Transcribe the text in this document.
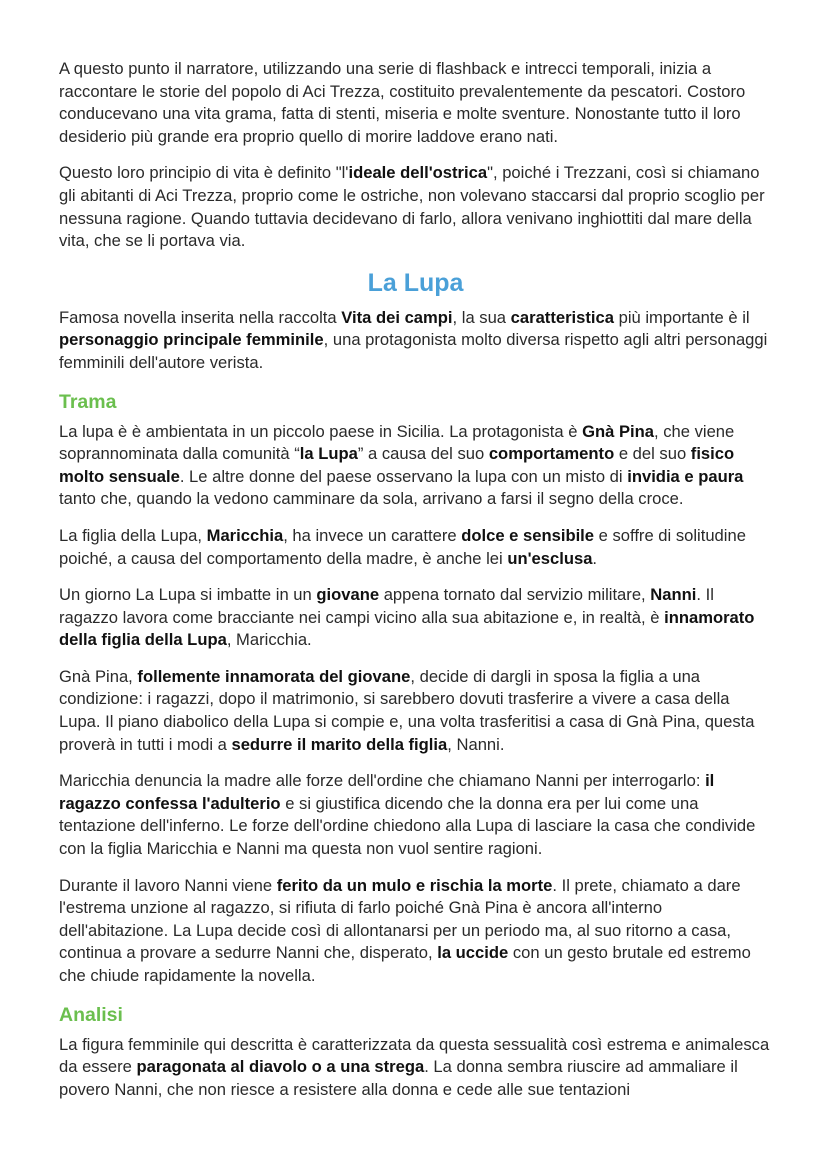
A questo punto il narratore, utilizzando una serie di flashback e intrecci temporali, inizia a raccontare le storie del popolo di Aci Trezza, costituito prevalentemente da pescatori. Costoro conducevano una vita grama, fatta di stenti, miseria e molte sventure. Nonostante tutto il loro desiderio più grande era proprio quello di morire laddove erano nati.

Questo loro principio di vita è definito "l'ideale dell'ostrica", poiché i Trezzani, così si chiamano gli abitanti di Aci Trezza, proprio come le ostriche, non volevano staccarsi dal proprio scoglio per nessuna ragione. Quando tuttavia decidevano di farlo, allora venivano inghiottiti dal mare della vita, che se li portava via.

La Lupa

Famosa novella inserita nella raccolta Vita dei campi, la sua caratteristica più importante è il personaggio principale femminile, una protagonista molto diversa rispetto agli altri personaggi femminili dell'autore verista.

Trama

La lupa è è ambientata in un piccolo paese in Sicilia. La protagonista è Gnà Pina, che viene soprannominata dalla comunità “la Lupa” a causa del suo comportamento e del suo fisico molto sensuale. Le altre donne del paese osservano la lupa con un misto di invidia e paura tanto che, quando la vedono camminare da sola, arrivano a farsi il segno della croce.

La figlia della Lupa, Maricchia, ha invece un carattere dolce e sensibile e soffre di solitudine poiché, a causa del comportamento della madre, è anche lei un'esclusa.

Un giorno La Lupa si imbatte in un giovane appena tornato dal servizio militare, Nanni. Il ragazzo lavora come bracciante nei campi vicino alla sua abitazione e, in realtà, è innamorato della figlia della Lupa, Maricchia.

Gnà Pina, follemente innamorata del giovane, decide di dargli in sposa la figlia a una condizione: i ragazzi, dopo il matrimonio, si sarebbero dovuti trasferire a vivere a casa della Lupa. Il piano diabolico della Lupa si compie e, una volta trasferitisi a casa di Gnà Pina, questa proverà in tutti i modi a sedurre il marito della figlia, Nanni.

Maricchia denuncia la madre alle forze dell'ordine che chiamano Nanni per interrogarlo: il ragazzo confessa l'adulterio e si giustifica dicendo che la donna era per lui come una tentazione dell'inferno. Le forze dell'ordine chiedono alla Lupa di lasciare la casa che condivide con la figlia Maricchia e Nanni ma questa non vuol sentire ragioni.

Durante il lavoro Nanni viene ferito da un mulo e rischia la morte. Il prete, chiamato a dare l'estrema unzione al ragazzo, si rifiuta di farlo poiché Gnà Pina è ancora all'interno dell'abitazione. La Lupa decide così di allontanarsi per un periodo ma, al suo ritorno a casa, continua a provare a sedurre Nanni che, disperato, la uccide con un gesto brutale ed estremo che chiude rapidamente la novella.

Analisi

La figura femminile qui descritta è caratterizzata da questa sessualità così estrema e animalesca da essere paragonata al diavolo o a una strega. La donna sembra riuscire ad ammaliare il povero Nanni, che non riesce a resistere alla donna e cede alle sue tentazioni
